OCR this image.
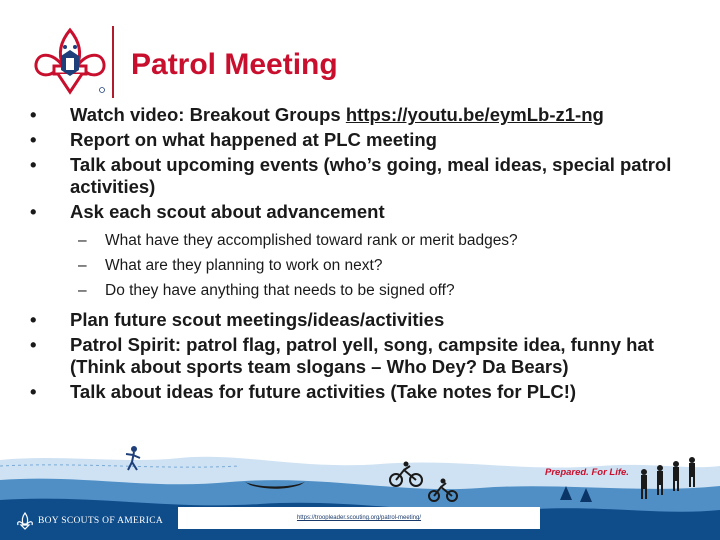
Patrol Meeting
• Watch video: Breakout Groups https://youtu.be/eymLb-z1-ng
• Report on what happened at PLC meeting
• Talk about upcoming events (who’s going, meal ideas, special patrol activities)
• Ask each scout about advancement
– What have they accomplished toward rank or merit badges?
– What are they planning to work on next?
– Do they have anything that needs to be signed off?
• Plan future scout meetings/ideas/activities
• Patrol Spirit: patrol flag, patrol yell, song, campsite idea, funny hat (Think about sports team slogans – Who Dey? Da Bears)
• Talk about ideas for future activities (Take notes for PLC!)
Prepared. For Life.
BOY SCOUTS OF AMERICA	https://troopleader.scouting.org/patrol-meeting/
